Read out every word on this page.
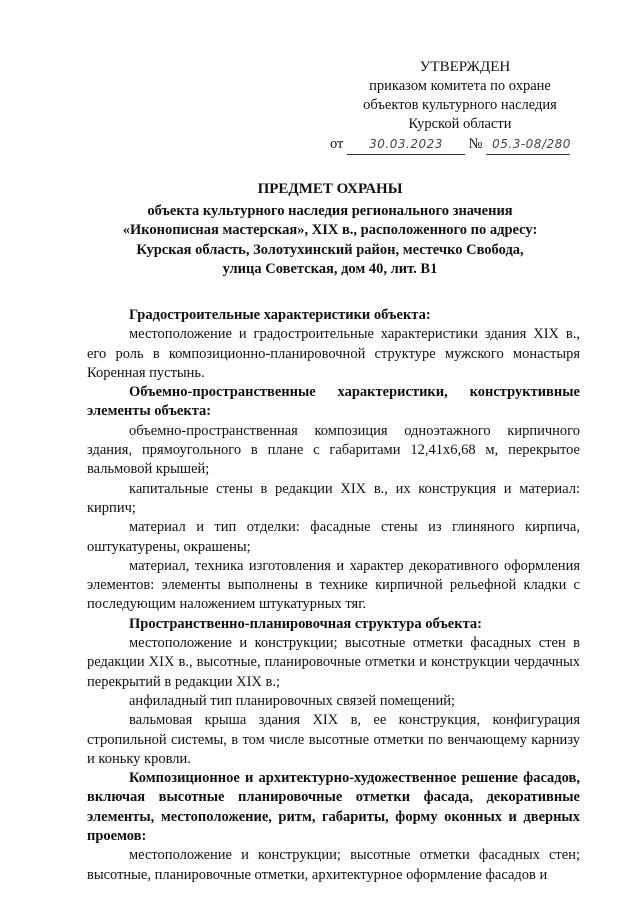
УТВЕРЖДЕН
приказом комитета по охране
объектов культурного наследия
Курской области
от 30.03.2023 № 05.3-08/280
ПРЕДМЕТ ОХРАНЫ
объекта культурного наследия регионального значения
«Иконописная мастерская», XIX в., расположенного по адресу:
Курская область, Золотухинский район, местечко Свобода,
улица Советская, дом 40, лит. В1

Градостроительные характеристики объекта:

местоположение и градостроительные характеристики здания XIX в., его роль в композиционно-планировочной структуре мужского монастыря Коренная пустынь.

Объемно-пространственные характеристики, конструктивные элементы объекта:

объемно-пространственная композиция одноэтажного кирпичного здания, прямоугольного в плане с габаритами 12,41х6,68 м, перекрытое вальмовой крышей;

капитальные стены в редакции XIX в., их конструкция и материал: кирпич;

материал и тип отделки: фасадные стены из глиняного кирпича, оштукатурены, окрашены;

материал, техника изготовления и характер декоративного оформления элементов: элементы выполнены в технике кирпичной рельефной кладки с последующим наложением штукатурных тяг.

Пространственно-планировочная структура объекта:

местоположение и конструкции; высотные отметки фасадных стен в редакции XIX в., высотные, планировочные отметки и конструкции чердачных перекрытий в редакции XIX в.;

анфиладный тип планировочных связей помещений;

вальмовая крыша здания XIX в, ее конструкция, конфигурация стропильной системы, в том числе высотные отметки по венчающему карнизу и коньку кровли.

Композиционное и архитектурно-художественное решение фасадов, включая высотные планировочные отметки фасада, декоративные элементы, местоположение, ритм, габариты, форму оконных и дверных проемов:

местоположение и конструкции; высотные отметки фасадных стен; высотные, планировочные отметки, архитектурное оформление фасадов и
